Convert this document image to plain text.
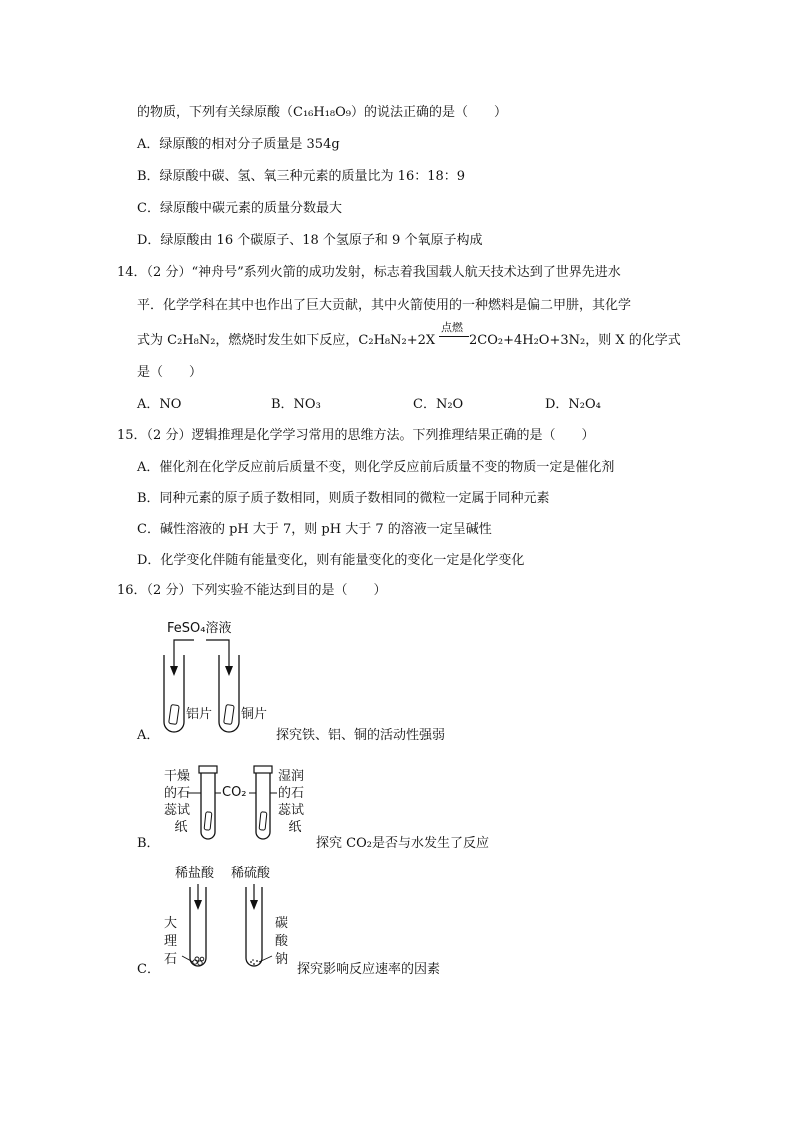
的物质，下列有关绿原酸（C₁₆H₁₈O₉）的说法正确的是（　　）
A．绿原酸的相对分子质量是 354g
B．绿原酸中碳、氢、氧三种元素的质量比为 16：18：9
C．绿原酸中碳元素的质量分数最大
D．绿原酸由 16 个碳原子、18 个氢原子和 9 个氧原子构成
14．（2 分）“神舟号”系列火箭的成功发射，标志着我国载人航天技术达到了世界先进水
平．化学学科在其中也作出了巨大贡献，其中火箭使用的一种燃料是偏二甲肼，其化学
式为 C₂H₈N₂，燃烧时发生如下反应，C₂H₈N₂+2X
点燃
2CO₂+4H₂O+3N₂，则 X 的化学式
是（　　）
A．NO	B．NO₃	C．N₂O	D．N₂O₄
15．（2 分）逻辑推理是化学学习常用的思维方法。下列推理结果正确的是（　　）
A．催化剂在化学反应前后质量不变，则化学反应前后质量不变的物质一定是催化剂
B．同种元素的原子质子数相同，则质子数相同的微粒一定属于同种元素
C．碱性溶液的 pH 大于 7，则 pH 大于 7 的溶液一定呈碱性
D．化学变化伴随有能量变化，则有能量变化的变化一定是化学变化
16．（2 分）下列实验不能达到目的是（　　）
FeSO₄溶液
铝片 铜片
A．	探究铁、铝、铜的活动性强弱
干燥
的石
蕊试
纸
CO₂
湿润
的石
蕊试
纸
B．	探究 CO₂是否与水发生了反应
稀盐酸 稀硫酸
大
理
石
碳
酸
钠
C．	探究影响反应速率的因素
